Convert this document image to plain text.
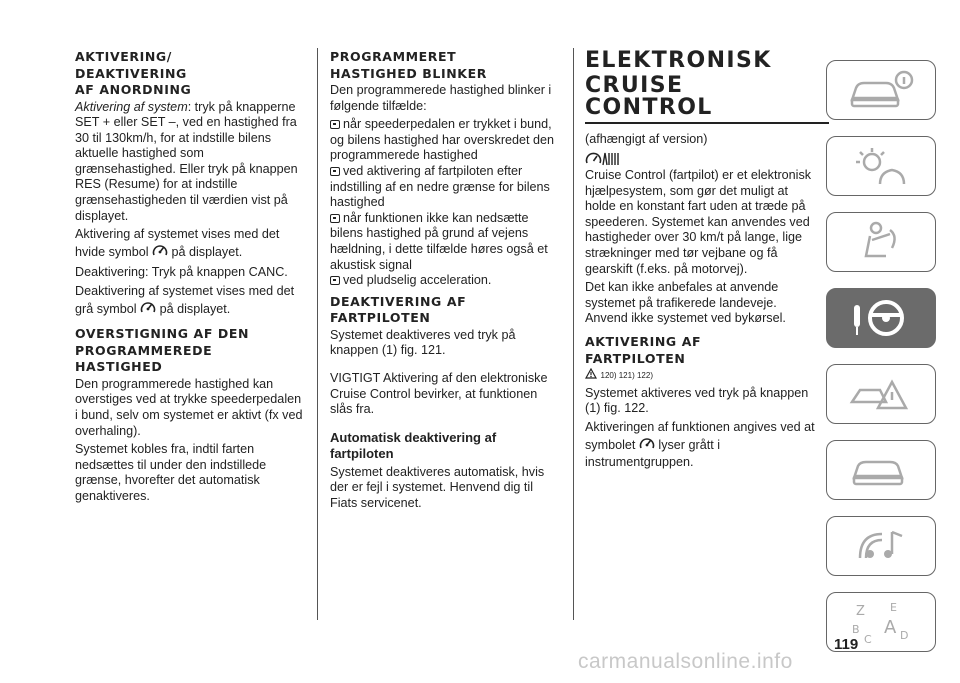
AKTIVERING/

DEAKTIVERING

AF ANORDNING

Aktivering af system: tryk på knapperne SET + eller SET –, ved en hastighed fra 30 til 130km/h, for at indstille bilens aktuelle hastighed som grænsehastighed. Eller tryk på knappen RES (Resume) for at indstille grænsehastigheden til værdien vist på displayet.

Aktivering af systemet vises med det hvide symbol på displayet.

Deaktivering: Tryk på knappen CANC.

Deaktivering af systemet vises med det grå symbol på displayet.

OVERSTIGNING AF DEN

PROGRAMMEREDE

HASTIGHED

Den programmerede hastighed kan overstiges ved at trykke speederpedalen i bund, selv om systemet er aktivt (fx ved overhaling).

Systemet kobles fra, indtil farten nedsættes til under den indstillede grænse, hvorefter det automatisk genaktiveres.

PROGRAMMERET

HASTIGHED BLINKER

Den programmerede hastighed blinker i følgende tilfælde:

når speederpedalen er trykket i bund, og bilens hastighed har overskredet den programmerede hastighed

ved aktivering af fartpiloten efter indstilling af en nedre grænse for bilens hastighed

når funktionen ikke kan nedsætte bilens hastighed på grund af vejens hældning, i dette tilfælde høres også et akustisk signal

ved pludselig acceleration.

DEAKTIVERING AF

FARTPILOTEN

Systemet deaktiveres ved tryk på knappen (1) fig. 121.

VIGTIGT Aktivering af den elektroniske Cruise Control bevirker, at funktionen slås fra.

Automatisk deaktivering af fartpiloten

Systemet deaktiveres automatisk, hvis der er fejl i systemet. Henvend dig til Fiats servicenet.

ELEKTRONISK

CRUISE CONTROL

(afhængigt af version)

Cruise Control (fartpilot) er et elektronisk hjælpesystem, som gør det muligt at holde en konstant fart uden at træde på speederen. Systemet kan anvendes ved hastigheder over 30 km/t på lange, lige strækninger med tør vejbane og få gearskift (f.eks. på motorvej).

Det kan ikke anbefales at anvende systemet på trafikerede landeveje. Anvend ikke systemet ved bykørsel.

AKTIVERING AF

FARTPILOTEN

120) 121) 122)

Systemet aktiveres ved tryk på knappen (1) fig. 122.

Aktiveringen af funktionen angives ved at symbolet lyser grått i instrumentgruppen.

Z E
B A
C	D
119
carmanualsonline.info
